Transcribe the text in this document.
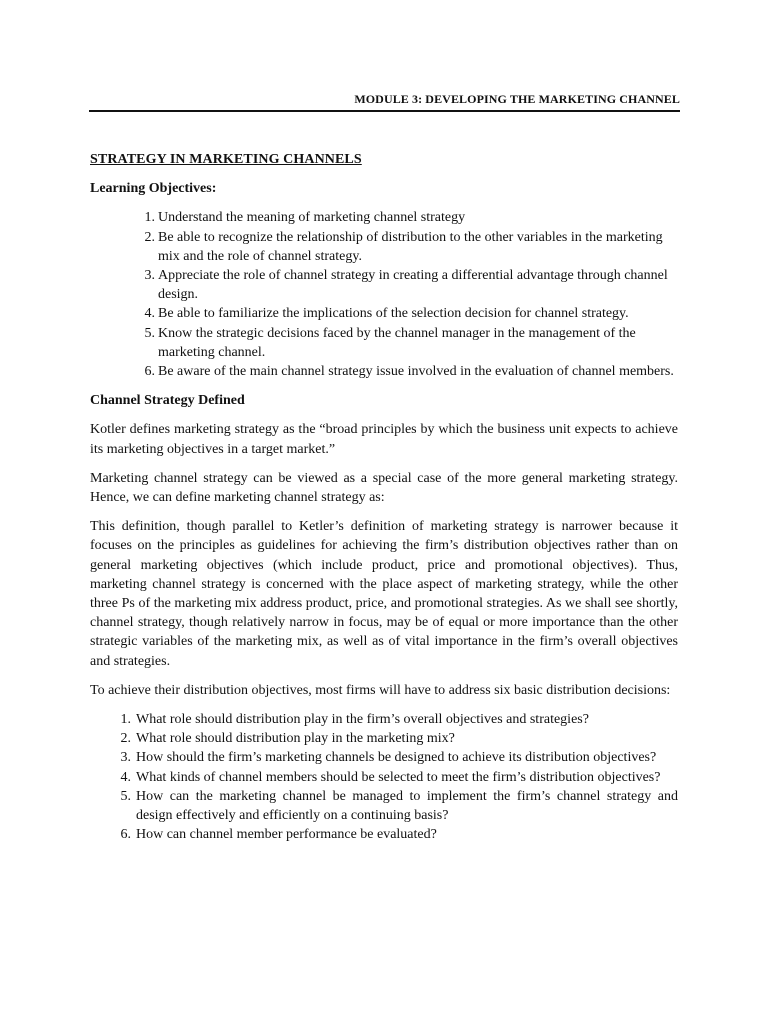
MODULE 3: DEVELOPING THE MARKETING CHANNEL
STRATEGY IN MARKETING CHANNELS
Learning Objectives:
1. Understand the meaning of marketing channel strategy
2. Be able to recognize the relationship of distribution to the other variables in the marketing mix and the role of channel strategy.
3. Appreciate the role of channel strategy in creating a differential advantage through channel design.
4. Be able to familiarize the implications of the selection decision for channel strategy.
5. Know the strategic decisions faced by the channel manager in the management of the marketing channel.
6. Be aware of the main channel strategy issue involved in the evaluation of channel members.
Channel Strategy Defined

Kotler defines marketing strategy as the “broad principles by which the business unit expects to achieve its marketing objectives in a target market.”

Marketing channel strategy can be viewed as a special case of the more general marketing strategy. Hence, we can define marketing channel strategy as:

This definition, though parallel to Ketler’s definition of marketing strategy is narrower because it focuses on the principles as guidelines for achieving the firm’s distribution objectives rather than on general marketing objectives (which include product, price and promotional objectives). Thus, marketing channel strategy is concerned with the place aspect of marketing strategy, while the other three Ps of the marketing mix address product, price, and promotional strategies. As we shall see shortly, channel strategy, though relatively narrow in focus, may be of equal or more importance than the other strategic variables of the marketing mix, as well as of vital importance in the firm’s overall objectives and strategies.

To achieve their distribution objectives, most firms will have to address six basic distribution decisions:

1. What role should distribution play in the firm’s overall objectives and strategies?
2. What role should distribution play in the marketing mix?
3. How should the firm’s marketing channels be designed to achieve its distribution objectives?
4. What kinds of channel members should be selected to meet the firm’s distribution objectives?
5. How can the marketing channel be managed to implement the firm’s channel strategy and design effectively and efficiently on a continuing basis?
6. How can channel member performance be evaluated?
